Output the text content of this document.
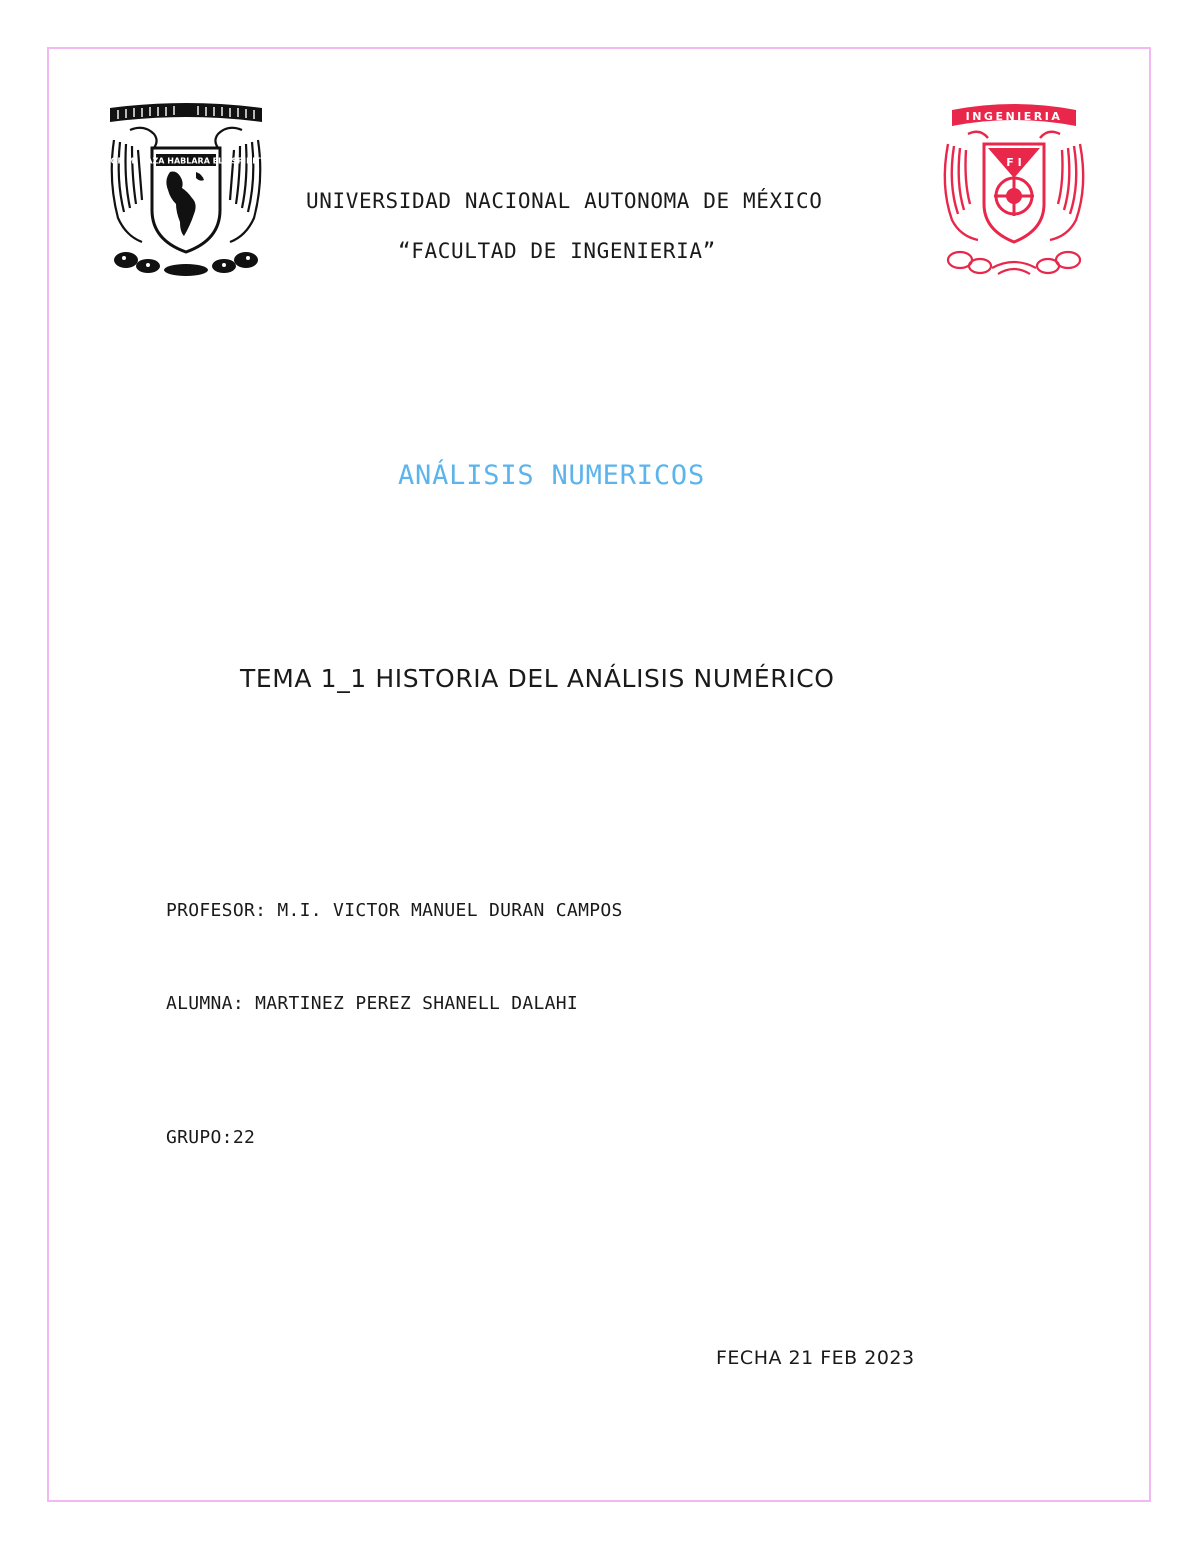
POR MI RAZA HABLARA EL ESPIRITU
INGENIERIA
F I
UNIVERSIDAD NACIONAL AUTONOMA DE MÉXICO
“FACULTAD DE INGENIERIA”
ANÁLISIS NUMERICOS
TEMA 1_1 HISTORIA DEL ANÁLISIS NUMÉRICO
PROFESOR: M.I. VICTOR MANUEL DURAN CAMPOS
ALUMNA: MARTINEZ PEREZ SHANELL DALAHI
GRUPO:22
FECHA 21 FEB 2023
